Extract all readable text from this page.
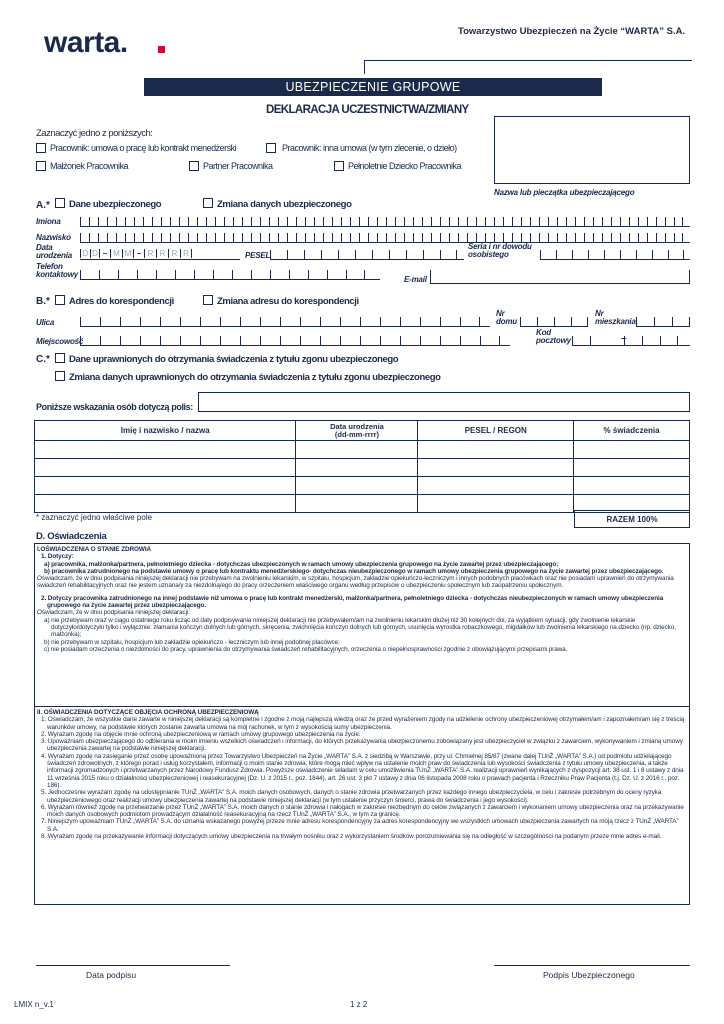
warta.	Towarzystwo Ubezpieczeń na Życie “WARTA” S.A.
UBEZPIECZENIE GRUPOWE
DEKLARACJA UCZESTNICTWA/ZMIANY
Zaznaczyć jedno z poniższych:
Pracownik: umowa o pracę lub kontrakt menedżerski	Pracownik: inna umowa (w tym zlecenie, o dzieło)
Małżonek Pracownika	Partner Pracownika	Pełnoletnie Dziecko Pracownika
Nazwa lub pieczątka ubezpieczającego
A.* Dane ubezpieczonego	Zmiana danych ubezpieczonego
Imiona
Nazwisko
Data urodzenia	D D – M M – R R R R	PESEL
Seria i nr dowodu osobistego
Telefon kontaktowy
E-mail
B.* Adres do korespondencji	Zmiana adresu do korespondencji
Ulica
Nr domu
Nr mieszkania
Miejscowość
Kod pocztowy	–
C.* Dane uprawnionych do otrzymania świadczenia z tytułu zgonu ubezpieczonego
Zmiana danych uprawnionych do otrzymania świadczenia z tytułu zgonu ubezpieczonego
Poniższe wskazania osób dotyczą polis:
Imię i nazwisko / nazwa	Data urodzenia (dd-mm-rrrr)	PESEL / REGON	% świadczenia

* zaznaczyć jedno właściwe pole	RAZEM 100%
D. Oświadczenia

I.OŚWIADCZENIA O STANIE ZDROWIA

1. Dotyczy:

a) pracownika, małżonka/partnera, pełnoletniego dziecka - dotychczas ubezpieczonych w ramach umowy ubezpieczenia grupowego na życie zawartej przez ubezpieczającego;

b) pracownika zatrudnionego na podstawie umowy o pracę lub kontraktu menedżerskiego- dotychczas nieubezpieczonego w ramach umowy ubezpieczenia grupowego na życie zawartej przez ubezpieczającego.

Oświadczam, że w dniu podpisania niniejszej deklaracji nie przebywam na zwolnieniu lekarskim, w szpitalu, hospicjum, zakładzie opiekuńczo-leczniczym i innych podobnych placówkach oraz nie posiadam uprawnień do otrzymywania świadczeń rehabilitacyjnych oraz nie jestem uznana/y za niezdolną/ego do pracy orzeczeniem właściwego organu według przepisów o ubezpieczeniu społecznym lub zaopatrzeniu społecznym.

2. Dotyczy pracownika zatrudnionego na innej podstawie niż umowa o pracę lub kontrakt menedżerski, małżonka/partnera, pełnoletniego dziecka - dotychczas nieubezpieczonych w ramach umowy ubezpieczenia grupowego na życie zawartej przez ubezpieczającego.

Oświadczam, że w dniu podpisania niniejszej deklaracji:

a) nie przebywam oraz w ciągu ostatniego roku licząc od daty podpisywania niniejszej deklaracji nie przebywałem/am na zwolnieniu lekarskim dłużej niż 30 kolejnych dni, za wyjątkiem sytuacji, gdy zwolnienie lekarskie dotyczyło/dotyczyło tylko i wyłącznie: złamania kończyn dolnych lub górnych, skręcenia, zwichnięcia kończyn dolnych lub górnych, usunięcia wyrostka robaczkowego, migdałków lub zwolnienia lekarskiego na dziecko (np. dziecko, małżonka);

b) nie przebywam w szpitalu, hospicjum lub zakładzie opiekuńczo - leczniczym lub innej podobnej placówce;

c) nie posiadam orzeczenia o niezdolności do pracy, uprawnienia do otrzymywania świadczeń rehabilitacyjnych, orzeczenia o niepełnosprawności zgodnie z obowiązującymi przepisami prawa.

II. OŚWIADCZENIA DOTYCZĄCE OBJĘCIA OCHRONĄ UBEZPIECZENIOWĄ

1. Oświadczam, że wszystkie dane zawarte w niniejszej deklaracji są kompletne i zgodne z moją najlepszą wiedzą oraz że przed wyrażeniem zgody na udzielenie ochrony ubezpieczeniowej otrzymałem/am i zapoznałem/am się z treścią warunków umowy, na podstawie których zostanie zawarta umowa na mój rachunek, w tym z wysokością sumy ubezpieczenia.

2. Wyrażam zgodę na objęcie mnie ochroną ubezpieczeniową w ramach umowy grupowego ubezpieczenia na życie.

3. Upoważniam ubezpieczającego do odbierania w moim imieniu wszelkich oświadczeń i informacji, do których przekazywania ubezpieczonemu zobowiązany jest ubezpieczyciel w związku z zawarciem, wykonywaniem i zmianą umowy ubezpieczenia zawartej na podstawie niniejszej deklaracji.

4. Wyrażam zgodę na zasięganie przez osobę upoważnioną przez Towarzystwo Ubezpieczeń na Życie „WARTA” S.A. z siedzibą w Warszawie, przy ul. Chmielnej 85/87 (zwane dalej TUnŻ „WARTA” S.A.) od podmiotu udzielającego świadczeń zdrowotnych, z którego porad i usług korzystałem, informacji o moim stanie zdrowia, które mogą mieć wpływ na ustalenie moich praw do świadczenia lub wysokości świadczenia z tytułu umowy ubezpieczenia, a także informacji zgromadzonych i przetwarzanych przez Narodowy Fundusz Zdrowia. Powyższe oświadczenie składam w celu umożliwienia TUnŻ „WARTA” S.A. realizacji uprawnień wynikających z dyspozycji art. 38 ust. 1 i 8 ustawy z dnia 11 września 2015 roku o działalności ubezpieczeniowej i reasekuracyjnej (Dz. U. z 2015 r., poz. 1844), art. 26 ust. 3 pkt 7 ustawy z dnia 06 listopada 2008 roku o prawach pacjenta i Rzeczniku Praw Pacjenta (t.j. Dz. U. z 2016 r., poz. 186).

5. Jednocześnie wyrażam zgodę na udostępnianie TUnŻ „WARTA” S.A. moich danych osobowych, danych o stanie zdrowia przetwarzanych przez każdego innego ubezpieczyciela, w celu i zakresie potrzebnym do oceny ryzyka ubezpieczeniowego oraz realizacji umowy ubezpieczenia zawartej na podstawie niniejszej deklaracji (w tym ustalenie przyczyn śmierci, prawa do świadczenia i jego wysokości).

6. Wyrażam również zgodę na przetwarzanie przez TUnŻ „WARTA” S.A. moich danych o stanie zdrowia i nałogach w zakresie niezbędnym do celów związanych z zawarciem i wykonaniem umowy ubezpieczenia oraz na przekazywanie moich danych osobowych podmiotom prowadzącym działalność reasekuracyjną na rzecz TUnŻ „WARTA” S.A., w tym za granicę.

7. Niniejszym upoważniam TUnŻ „WARTA” S.A. do uznania wskazanego powyżej przeze mnie adresu korespondencyjny za adres korespondencyjny we wszystkich umowach ubezpieczenia zawartych na moją rzecz z TUnŻ „WARTA” S.A.

8. Wyrażam zgodę na przekazywanie informacji dotyczących umowy ubezpieczenia na trwałym nośniku oraz z wykorzystaniem środków porozumiewania się na odległość w szczególności na podanym przeze mnie adres e-mail.

Data podpisu	Podpis Ubezpieczonego
LMIX n_v.1	1 z 2
